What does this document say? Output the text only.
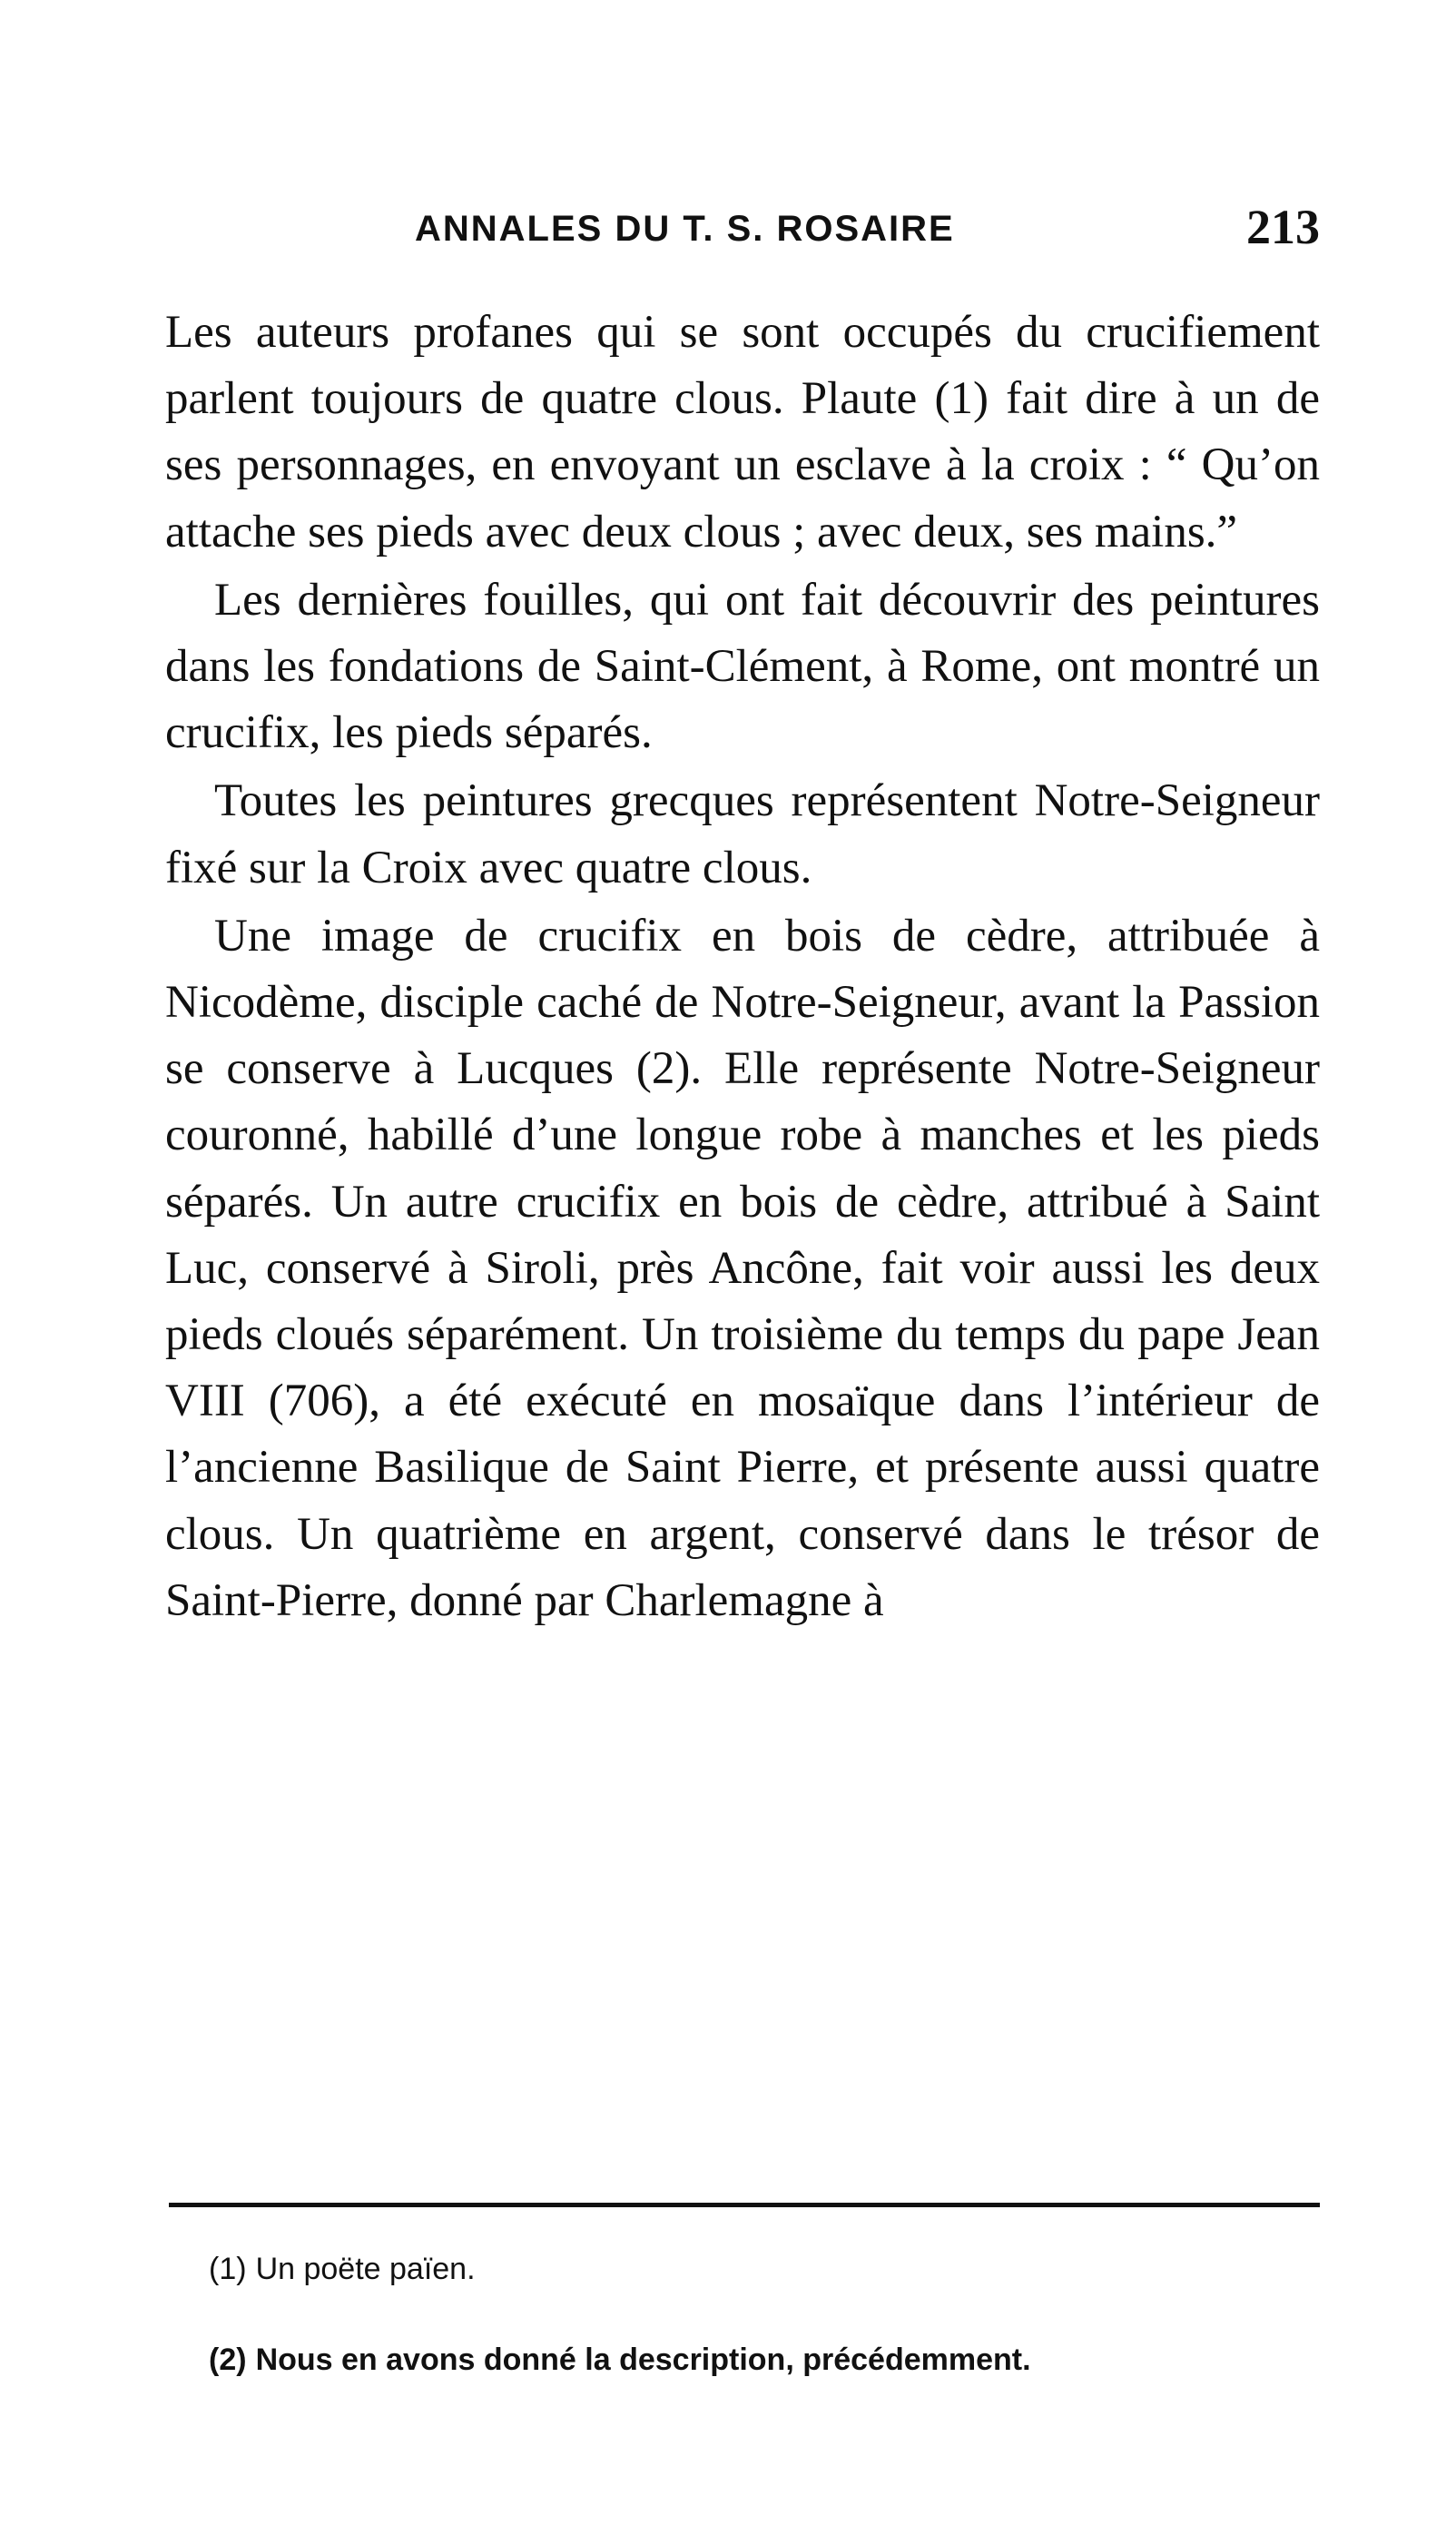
ANNALES DU T. S. ROSAIRE	213

Les auteurs profanes qui se sont occupés du crucifiement parlent toujours de quatre clous. Plaute (1) fait dire à un de ses personnages, en envoyant un esclave à la croix : “ Qu’on attache ses pieds avec deux clous ; avec deux, ses mains.”

Les dernières fouilles, qui ont fait découvrir des peintures dans les fondations de Saint-Clément, à Rome, ont montré un crucifix, les pieds séparés.

Toutes les peintures grecques représentent Notre-Seigneur fixé sur la Croix avec quatre clous.

Une image de crucifix en bois de cèdre, attribuée à Nicodème, disciple caché de Notre-Seigneur, avant la Passion se conserve à Lucques (2). Elle représente Notre-Seigneur couronné, habillé d’une longue robe à manches et les pieds séparés. Un autre crucifix en bois de cèdre, attribué à Saint Luc, conservé à Siroli, près Ancône, fait voir aussi les deux pieds cloués séparément. Un troisième du temps du pape Jean VIII (706), a été exécuté en mosaïque dans l’intérieur de l’ancienne Basilique de Saint Pierre, et présente aussi quatre clous. Un quatrième en argent, conservé dans le trésor de Saint-Pierre, donné par Charlemagne à

(1) Un poëte païen.
(2) Nous en avons donné la description, précédemment.
